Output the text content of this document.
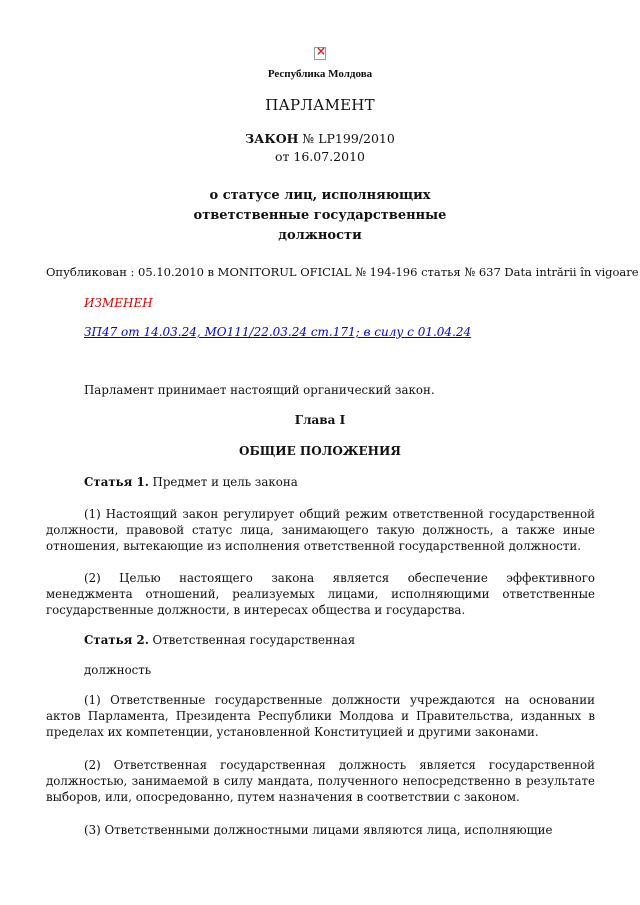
×
Республика Молдова
ПАРЛАМЕНТ
ЗАКОН № LP199/2010
от 16.07.2010
о статусе лиц, исполняющих
ответственные государственные
должности
Опубликован : 05.10.2010 в MONITORUL OFICIAL № 194-196 статья № 637 Data intrării în vigoare
ИЗМЕНЕН
ЗП47 от 14.03.24, МО111/22.03.24 ст.171; в силу с 01.04.24
Парламент принимает настоящий органический закон.
Глава I
ОБЩИЕ ПОЛОЖЕНИЯ
Статья 1. Предмет и цель закона
(1) Настоящий закон регулирует общий режим ответственной государственной должности, правовой статус лица, занимающего такую должность, а также иные отношения, вытекающие из исполнения ответственной государственной должности.
(2) Целью настоящего закона является обеспечение эффективного менеджмента отношений, реализуемых лицами, исполняющими ответственные государственные должности, в интересах общества и государства.
Статья 2. Ответственная государственная
должность
(1) Ответственные государственные должности учреждаются на основании актов Парламента, Президента Республики Молдова и Правительства, изданных в пределах их компетенции, установленной Конституцией и другими законами.
(2) Ответственная государственная должность является государственной должностью, занимаемой в силу мандата, полученного непосредственно в результате выборов, или, опосредованно, путем назначения в соответствии с законом.
(3) Ответственными должностными лицами являются лица, исполняющие
